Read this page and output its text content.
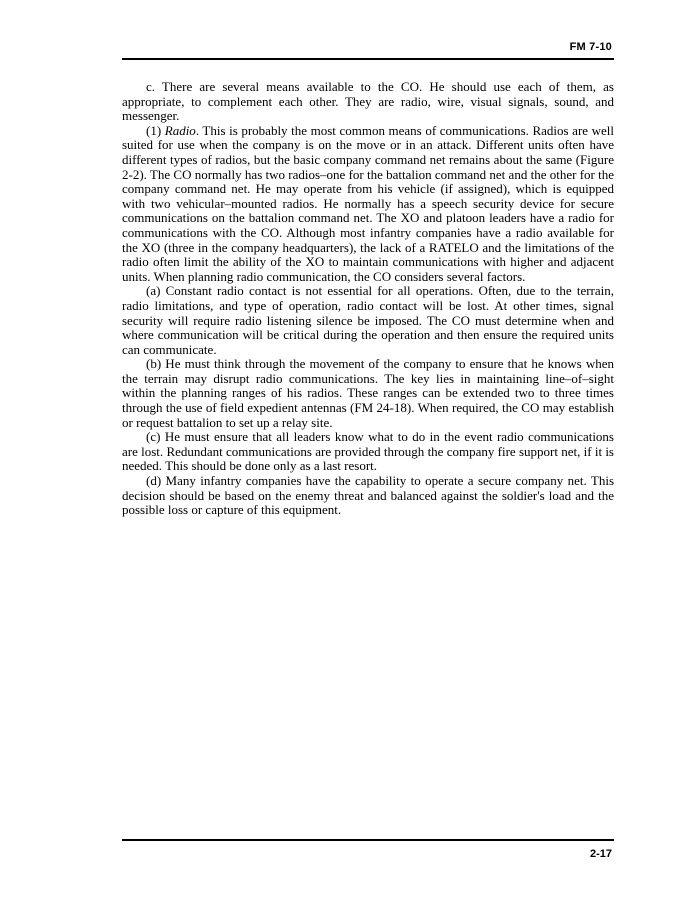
FM 7-10

c. There are several means available to the CO. He should use each of them, as appropriate, to complement each other. They are radio, wire, visual signals, sound, and messenger.

(1) Radio. This is probably the most common means of communications. Radios are well suited for use when the company is on the move or in an attack. Different units often have different types of radios, but the basic company command net remains about the same (Figure 2-2). The CO normally has two radios–one for the battalion command net and the other for the company command net. He may operate from his vehicle (if assigned), which is equipped with two vehicular–mounted radios. He normally has a speech security device for secure communications on the battalion command net. The XO and platoon leaders have a radio for communications with the CO. Although most infantry companies have a radio available for the XO (three in the company headquarters), the lack of a RATELO and the limitations of the radio often limit the ability of the XO to maintain communications with higher and adjacent units. When planning radio communication, the CO considers several factors.

(a) Constant radio contact is not essential for all operations. Often, due to the terrain, radio limitations, and type of operation, radio contact will be lost. At other times, signal security will require radio listening silence be imposed. The CO must determine when and where communication will be critical during the operation and then ensure the required units can communicate.

(b) He must think through the movement of the company to ensure that he knows when the terrain may disrupt radio communications. The key lies in maintaining line–of–sight within the planning ranges of his radios. These ranges can be extended two to three times through the use of field expedient antennas (FM 24-18). When required, the CO may establish or request battalion to set up a relay site.

(c) He must ensure that all leaders know what to do in the event radio communications are lost. Redundant communications are provided through the company fire support net, if it is needed. This should be done only as a last resort.

(d) Many infantry companies have the capability to operate a secure company net. This decision should be based on the enemy threat and balanced against the soldier's load and the possible loss or capture of this equipment.

2-17
